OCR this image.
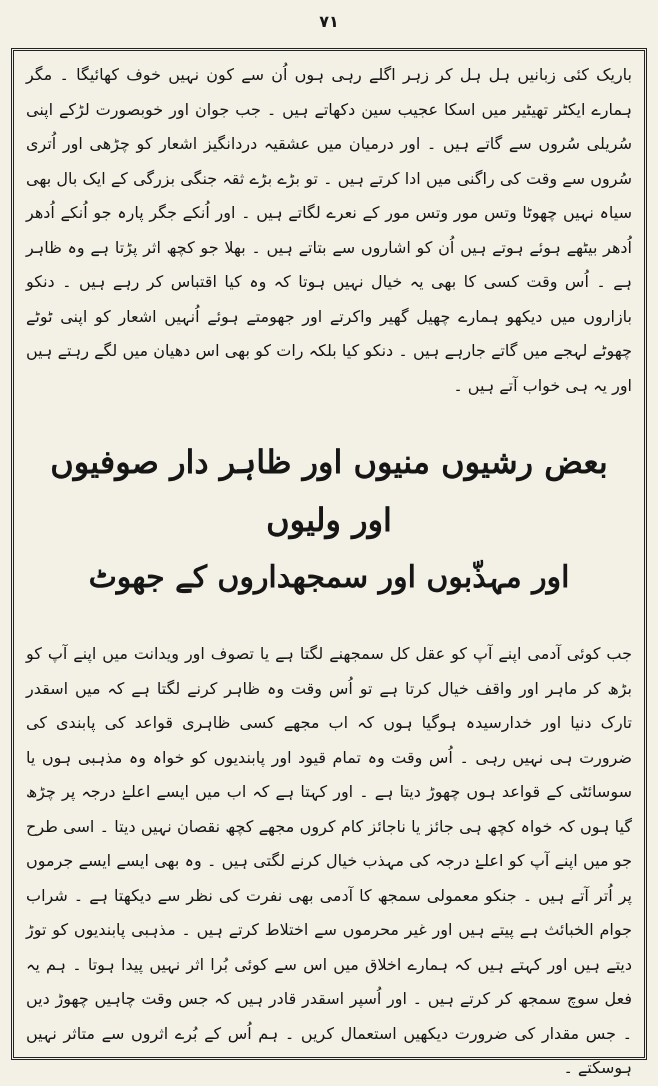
٧١

باریک کئی زبانیں ہل ہل کر زہر اگلے رہی ہوں اُن سے کون نہیں خوف کھائیگا ۔ مگر ہمارے ایکٹر تھیٹیر میں اسکا عجیب سین دکھاتے ہیں ۔ جب جوان اور خوبصورت لڑکے اپنی سُریلی سُروں سے گاتے ہیں ۔ اور درمیان میں عشقیہ دردانگیز اشعار کو چڑھی اور اُتری سُروں سے وقت کی راگنی میں ادا کرتے ہیں ۔ تو بڑے بڑے ثقہ جنگی بزرگی کے ایک بال بھی سیاہ نہیں چھوٹا وتس مور وتس مور کے نعرے لگاتے ہیں ۔ اور اُنکے جگر پارہ جو اُنکے اُدھر اُدھر بیٹھے ہوئے ہوتے ہیں اُن کو اشاروں سے بتاتے ہیں ۔ بھلا جو کچھ اثر پڑتا ہے وہ ظاہر ہے ۔ اُس وقت کسی کا بھی یہ خیال نہیں ہوتا کہ وہ کیا اقتباس کر رہے ہیں ۔ دنکو بازاروں میں دیکھو ہمارے چھیل گھیر واکرتے اور جھومتے ہوئے اُنہیں اشعار کو اپنی ٹوٹے چھوٹے لہجے میں گاتے جارہے ہیں ۔ دنکو کیا بلکہ رات کو بھی اس دھیان میں لگے رہتے ہیں اور یہ ہی خواب آتے ہیں ۔

بعض رشیوں منیوں اور ظاہر دار صوفیوں اور ولیوں
اور مہذّبوں اور سمجھداروں کے جھوٹ

جب کوئی آدمی اپنے آپ کو عقل کل سمجھنے لگتا ہے یا تصوف اور ویدانت میں اپنے آپ کو بڑھ کر ماہر اور واقف خیال کرتا ہے تو اُس وقت وہ ظاہر کرنے لگتا ہے کہ میں اسقدر تارک دنیا اور خدارسیدہ ہوگیا ہوں کہ اب مجھے کسی ظاہری قواعد کی پابندی کی ضرورت ہی نہیں رہی ۔ اُس وقت وہ تمام قیود اور پابندیوں کو خواہ وہ مذہبی ہوں یا سوسائٹی کے قواعد ہوں چھوڑ دیتا ہے ۔ اور کہتا ہے کہ اب میں ایسے اعلےٰ درجہ پر چڑھ گیا ہوں کہ خواہ کچھ ہی جائز یا ناجائز کام کروں مجھے کچھ نقصان نہیں دیتا ۔ اسی طرح جو میں اپنے آپ کو اعلےٰ درجہ کی مہذب خیال کرنے لگتی ہیں ۔ وہ بھی ایسے ایسے جرموں پر اُتر آتے ہیں ۔ جنکو معمولی سمجھ کا آدمی بھی نفرت کی نظر سے دیکھتا ہے ۔ شراب جوام الخبائث ہے پیتے ہیں اور غیر محرموں سے اختلاط کرتے ہیں ۔ مذہبی پابندیوں کو توڑ دیتے ہیں اور کہتے ہیں کہ ہمارے اخلاق میں اس سے کوئی بُرا اثر نہیں پیدا ہوتا ۔ ہم یہ فعل سوچ سمجھ کر کرتے ہیں ۔ اور اُسپر اسقدر قادر ہیں کہ جس وقت چاہیں چھوڑ دیں ۔ جس مقدار کی ضرورت دیکھیں استعمال کریں ۔ ہم اُس کے بُرے اثروں سے متاثر نہیں ہوسکتے ۔
